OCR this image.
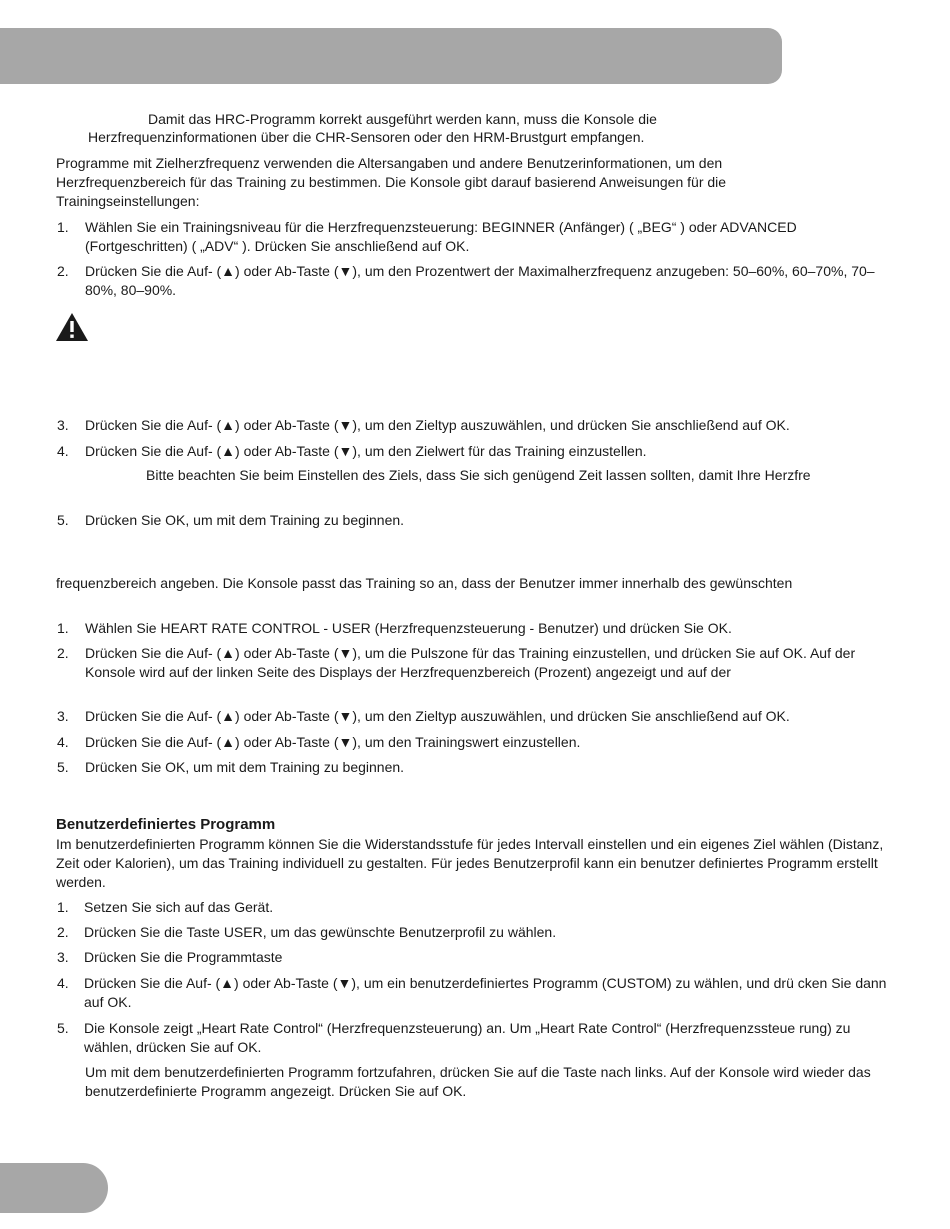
Damit das HRC-Programm korrekt ausgeführt werden kann, muss die Konsole die
Herzfrequenzinformationen über die CHR-Sensoren oder den HRM-Brustgurt empfangen.
Programme mit Zielherzfrequenz verwenden die Altersangaben und andere Benutzerinformationen, um den Herzfrequenzbereich für das Training zu bestimmen. Die Konsole gibt darauf basierend Anweisungen für die Trainingseinstellungen:
1. Wählen Sie ein Trainingsniveau für die Herzfrequenzsteuerung: BEGINNER (Anfänger) ( „BEG“ ) oder ADVANCED (Fortgeschritten) ( „ADV“ ). Drücken Sie anschließend auf OK.
2. Drücken Sie die Auf- (▲) oder Ab-Taste (▼), um den Prozentwert der Maximalherzfrequenz anzugeben: 50–60%, 60–70%, 70–80%, 80–90%.
3. Drücken Sie die Auf- (▲) oder Ab-Taste (▼), um den Zieltyp auszuwählen, und drücken Sie anschließend auf OK.
4. Drücken Sie die Auf- (▲) oder Ab-Taste (▼), um den Zielwert für das Training einzustellen.
Bitte beachten Sie beim Einstellen des Ziels, dass Sie sich genügend Zeit lassen sollten, damit Ihre Herzfre
5. Drücken Sie OK, um mit dem Training zu beginnen.
frequenzbereich angeben. Die Konsole passt das Training so an, dass der Benutzer immer innerhalb des gewünschten
1. Wählen Sie HEART RATE CONTROL - USER (Herzfrequenzsteuerung - Benutzer) und drücken Sie OK.
2. Drücken Sie die Auf- (▲) oder Ab-Taste (▼), um die Pulszone für das Training einzustellen, und drücken Sie auf OK. Auf der Konsole wird auf der linken Seite des Displays der Herzfrequenzbereich (Prozent) angezeigt und auf der
3. Drücken Sie die Auf- (▲) oder Ab-Taste (▼), um den Zieltyp auszuwählen, und drücken Sie anschließend auf OK.
4. Drücken Sie die Auf- (▲) oder Ab-Taste (▼), um den Trainingswert einzustellen.
5. Drücken Sie OK, um mit dem Training zu beginnen.
Benutzerdefiniertes Programm
Im benutzerdefinierten Programm können Sie die Widerstandsstufe für jedes Intervall einstellen und ein eigenes Ziel wählen (Distanz, Zeit oder Kalorien), um das Training individuell zu gestalten. Für jedes Benutzerprofil kann ein benutzer definiertes Programm erstellt werden.
1. Setzen Sie sich auf das Gerät.
2. Drücken Sie die Taste USER, um das gewünschte Benutzerprofil zu wählen.
3. Drücken Sie die Programmtaste
4. Drücken Sie die Auf- (▲) oder Ab-Taste (▼), um ein benutzerdefiniertes Programm (CUSTOM) zu wählen, und drü cken Sie dann auf OK.
5. Die Konsole zeigt „Heart Rate Control“ (Herzfrequenzsteuerung) an. Um „Heart Rate Control“ (Herzfrequenzssteue rung) zu wählen, drücken Sie auf OK.
Um mit dem benutzerdefinierten Programm fortzufahren, drücken Sie auf die Taste nach links. Auf der Konsole wird wieder das benutzerdefinierte Programm angezeigt. Drücken Sie auf OK.
